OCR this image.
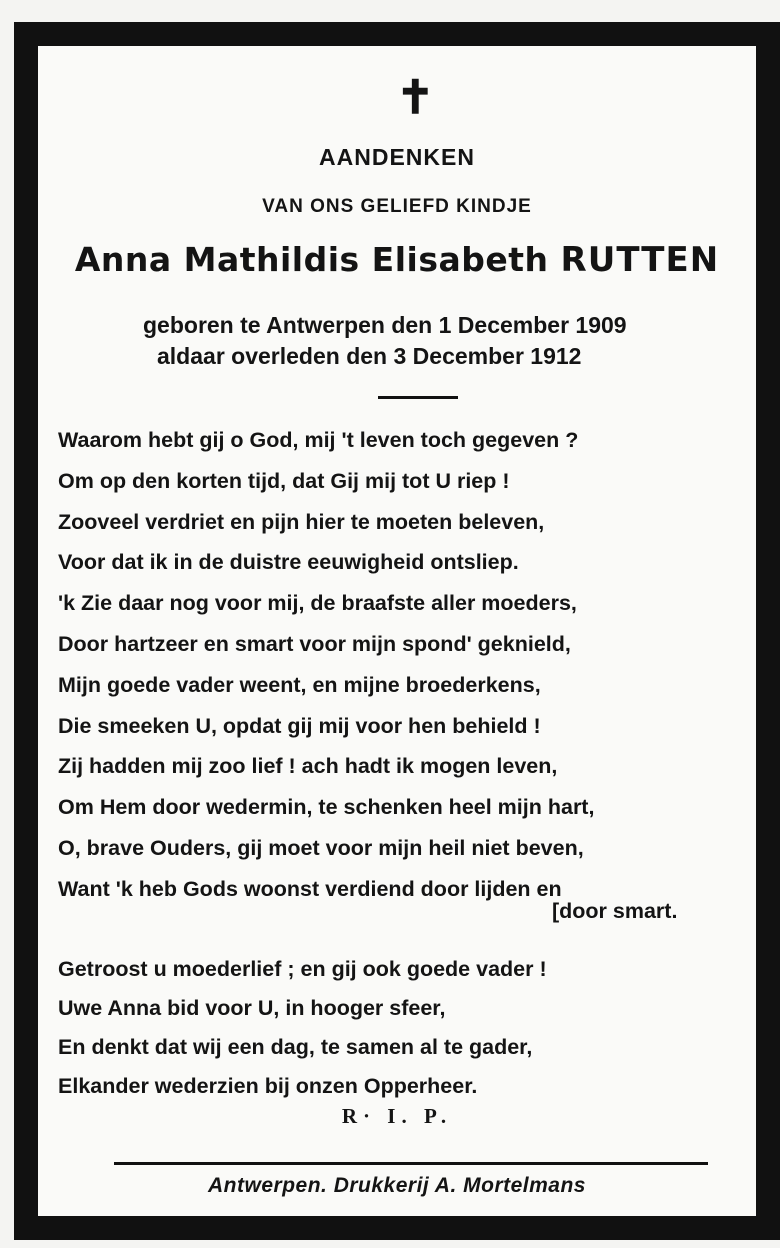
✝
AANDENKEN
VAN ONS GELIEFD KINDJE
Anna Mathildis Elisabeth RUTTEN
geboren te Antwerpen den 1 December 1909
aldaar overleden den 3 December 1912
Waarom hebt gij o God, mij 't leven toch gegeven ?
Om op den korten tijd, dat Gij mij tot U riep !
Zooveel verdriet en pijn hier te moeten beleven,
Voor dat ik in de duistre eeuwigheid ontsliep.
'k Zie daar nog voor mij, de braafste aller moeders,
Door hartzeer en smart voor mijn spond' geknield,
Mijn goede vader weent, en mijne broederkens,
Die smeeken U, opdat gij mij voor hen behield !
Zij hadden mij zoo lief ! ach hadt ik mogen leven,
Om Hem door wedermin, te schenken heel mijn hart,
O, brave Ouders, gij moet voor mijn heil niet beven,
Want 'k heb Gods woonst verdiend door lijden en
[door smart.
Getroost u moederlief ; en gij ook goede vader !
Uwe Anna bid voor U, in hooger sfeer,
En denkt dat wij een dag, te samen al te gader,
Elkander wederzien bij onzen Opperheer.
R· I. P.
Antwerpen. Drukkerij A. Mortelmans
